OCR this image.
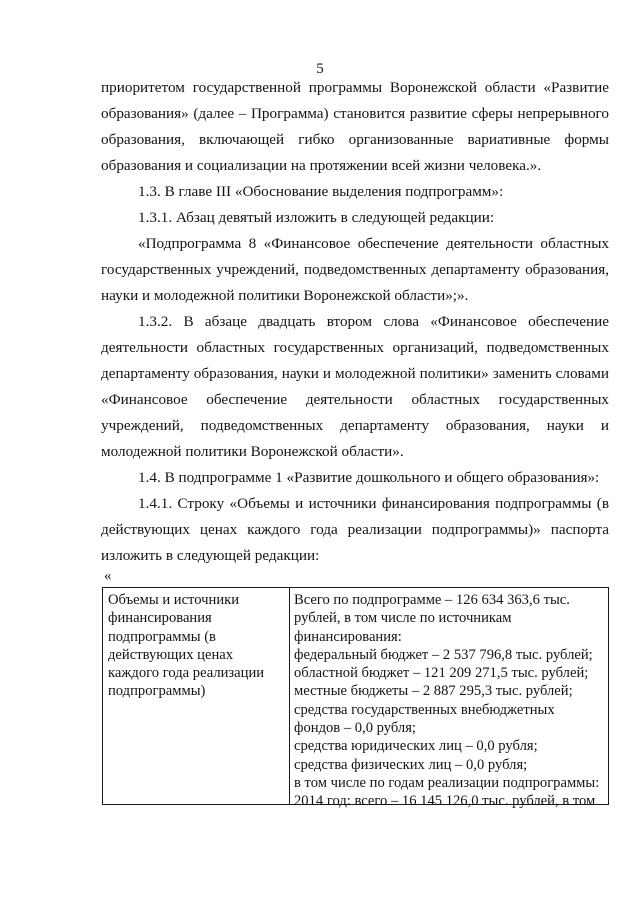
5
приоритетом государственной программы Воронежской области «Развитие
образования» (далее – Программа) становится развитие сферы непрерывного
образования, включающей гибко организованные вариативные формы
образования и социализации на протяжении всей жизни человека.».
1.3. В главе III «Обоснование выделения подпрограмм»:
1.3.1. Абзац девятый изложить в следующей редакции:
«Подпрограмма 8 «Финансовое обеспечение деятельности областных
государственных учреждений, подведомственных департаменту образования,
науки и молодежной политики Воронежской области»;».
1.3.2. В абзаце двадцать втором слова «Финансовое обеспечение
деятельности областных государственных организаций, подведомственных
департаменту образования, науки и молодежной политики» заменить словами
«Финансовое обеспечение деятельности областных государственных
учреждений, подведомственных департаменту образования, науки и
молодежной политики Воронежской области».
1.4. В подпрограмме 1 «Развитие дошкольного и общего образования»:
1.4.1. Строку «Объемы и источники финансирования подпрограммы (в
действующих ценах каждого года реализации подпрограммы)» паспорта
изложить в следующей редакции:
«
Объемы и источники
финансирования
подпрограммы (в
действующих ценах
каждого года реализации
подпрограммы)
Всего по подпрограмме – 126 634 363,6 тыс.
рублей, в том числе по источникам
финансирования:
федеральный бюджет – 2 537 796,8 тыс. рублей;
областной бюджет – 121 209 271,5 тыс. рублей;
местные бюджеты – 2 887 295,3 тыс. рублей;
средства государственных внебюджетных
фондов – 0,0 рубля;
средства юридических лиц – 0,0 рубля;
средства физических лиц – 0,0 рубля;
в том числе по годам реализации подпрограммы:
2014 год: всего – 16 145 126,0 тыс. рублей, в том
